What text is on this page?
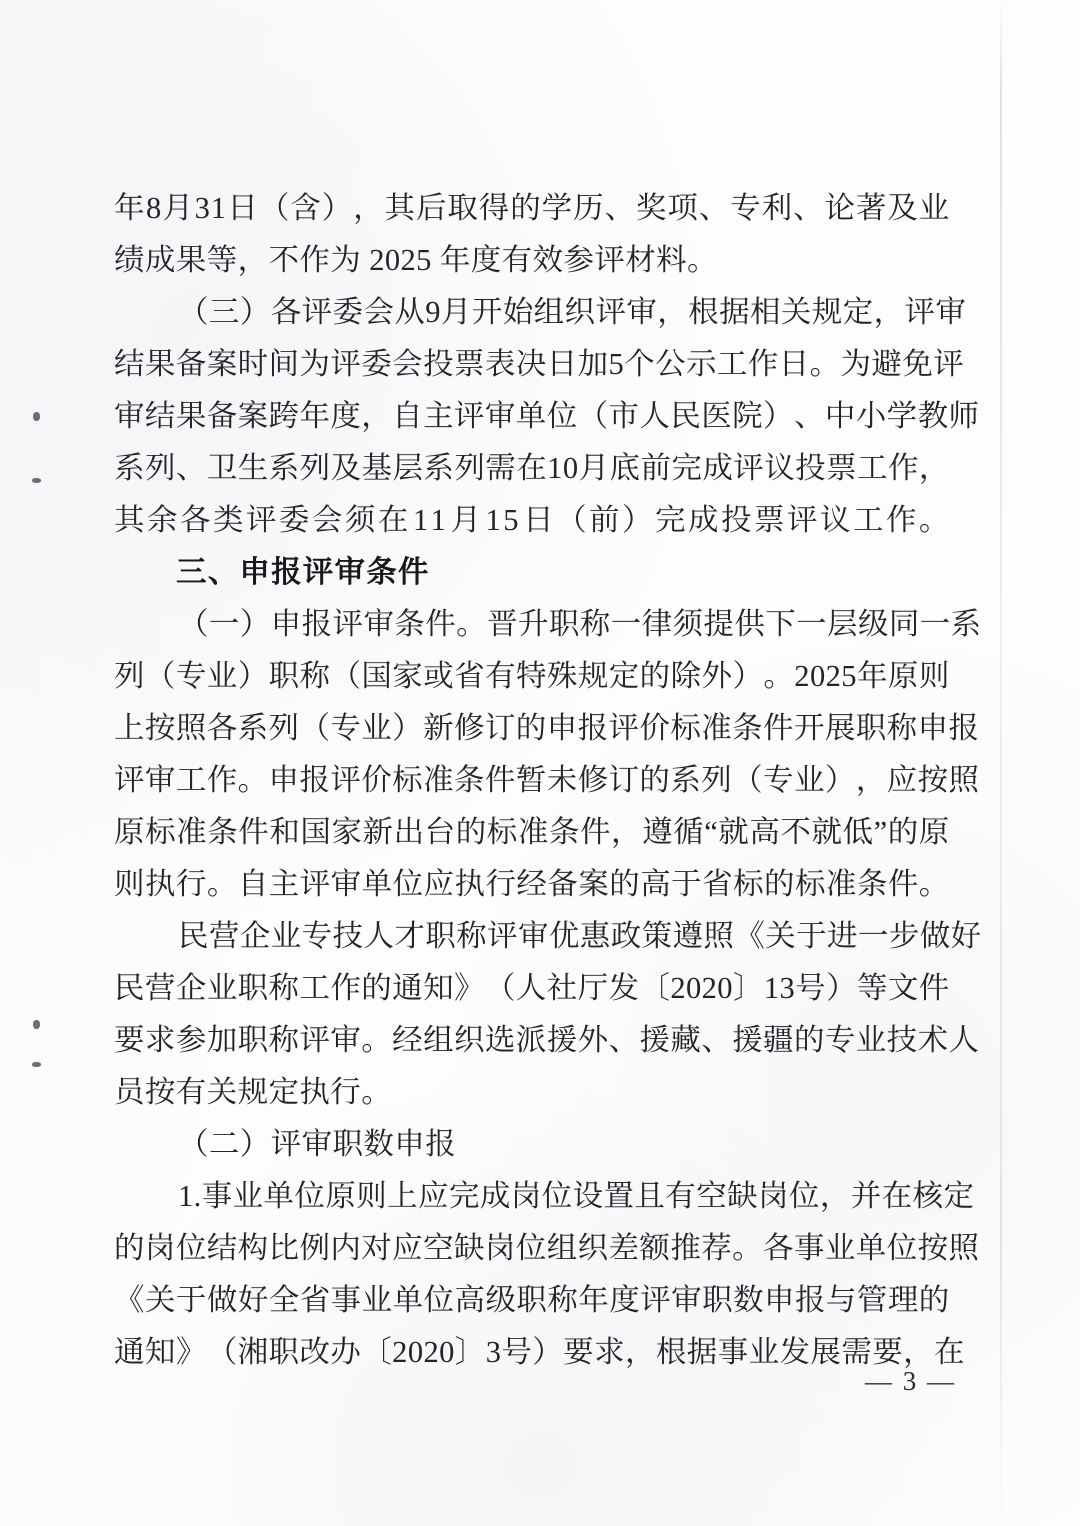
年 8 月 3 1 日 （ 含 ） ， 其 后 取 得 的 学 历 、 奖 项 、 专 利 、 论 著 及 业
绩成果等，不作为 2025 年度有效参评材料。
（ 三 ） 各 评 委 会 从 9 月 开 始 组 织 评 审 ， 根 据 相 关 规 定 ， 评 审
结 果 备 案 时 间 为 评 委 会 投 票 表 决 日 加 5 个 公 示 工 作 日 。 为 避 免 评
审 结 果 备 案 跨 年 度 ， 自 主 评 审 单 位 （ 市 人 民 医 院 ） 、 中 小 学 教 师
系 列 、 卫 生 系 列 及 基 层 系 列 需 在 1 0 月 底 前 完 成 评 议 投 票 工 作 ，
其 余 各 类 评 委 会 须 在 1 1 月 1 5 日 （ 前 ） 完 成 投 票 评 议 工 作 。
三、申报评审条件
（ 一 ） 申 报 评 审 条 件 。 晋 升 职 称 一 律 须 提 供 下 一 层 级 同 一 系
列 （ 专 业 ） 职 称 （ 国 家 或 省 有 特 殊 规 定 的 除 外 ） 。 2 0 2 5 年 原 则
上 按 照 各 系 列 （ 专 业 ） 新 修 订 的 申 报 评 价 标 准 条 件 开 展 职 称 申 报
评 审 工 作 。 申 报 评 价 标 准 条 件 暂 未 修 订 的 系 列 （ 专 业 ） ， 应 按 照
原 标 准 条 件 和 国 家 新 出 台 的 标 准 条 件 ， 遵 循 “ 就 高 不 就 低 ” 的 原
则 执 行 。 自 主 评 审 单 位 应 执 行 经 备 案 的 高 于 省 标 的 标 准 条 件 。
民 营 企 业 专 技 人 才 职 称 评 审 优 惠 政 策 遵 照 《 关 于 进 一 步 做 好
民 营 企 业 职 称 工 作 的 通 知 》 （ 人 社 厅 发 〔 2 0 2 0 〕 1 3 号 ） 等 文 件
要 求 参 加 职 称 评 审 。 经 组 织 选 派 援 外 、 援 藏 、 援 疆 的 专 业 技 术 人
员按有关规定执行。
（二）评审职数申报
1 . 事 业 单 位 原 则 上 应 完 成 岗 位 设 置 且 有 空 缺 岗 位 ， 并 在 核 定
的 岗 位 结 构 比 例 内 对 应 空 缺 岗 位 组 织 差 额 推 荐 。 各 事 业 单 位 按 照
《 关 于 做 好 全 省 事 业 单 位 高 级 职 称 年 度 评 审 职 数 申 报 与 管 理 的
通 知 》 （ 湘 职 改 办 〔 2 0 2 0 〕 3 号 ） 要 求 ， 根 据 事 业 发 展 需 要 ， 在
— 3 —
